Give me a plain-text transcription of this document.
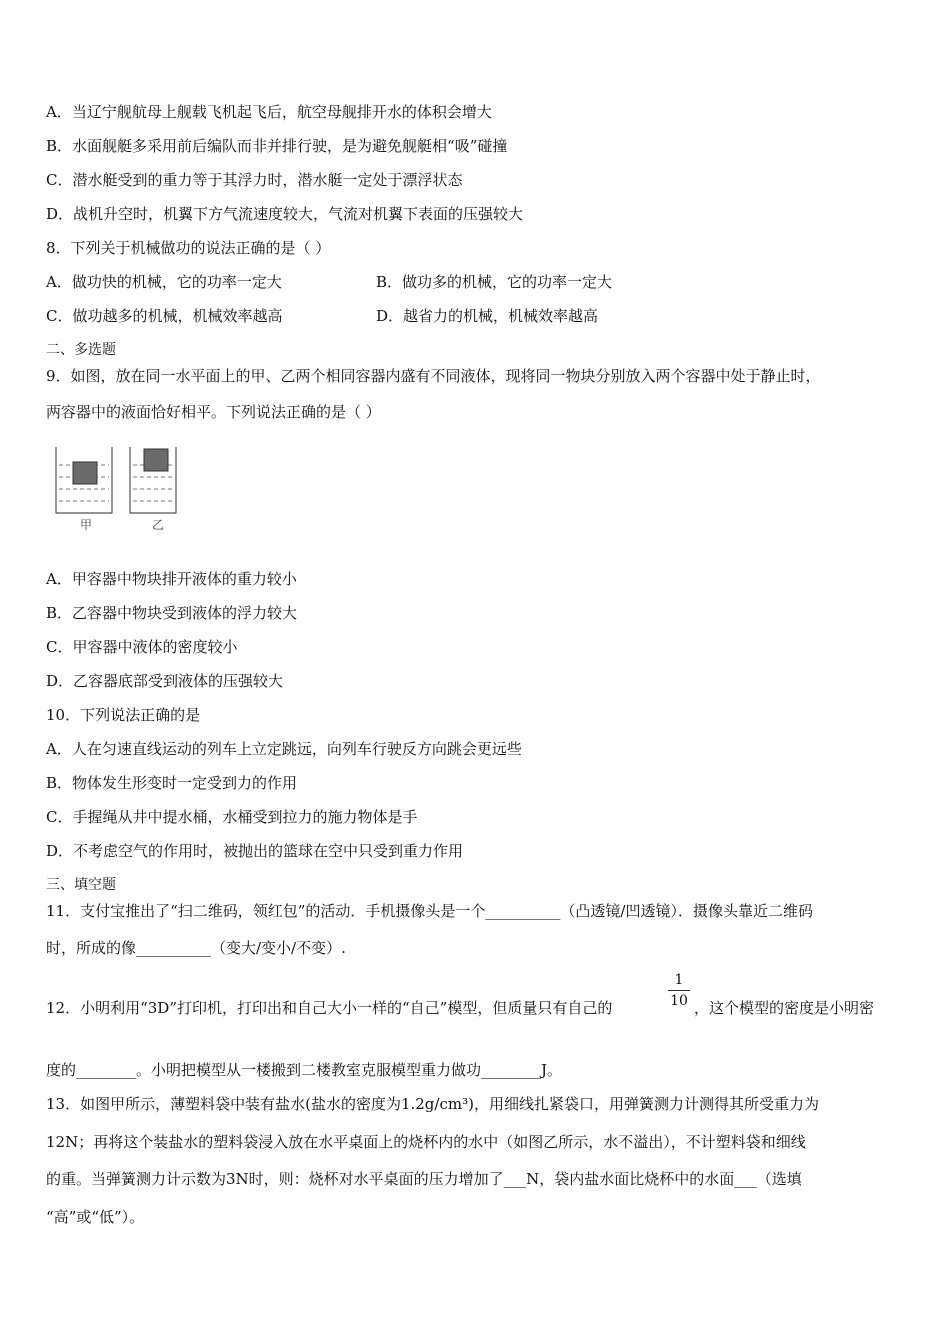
A．当辽宁舰航母上舰载飞机起飞后，航空母舰排开水的体积会增大
B．水面舰艇多采用前后编队而非并排行驶，是为避免舰艇相“吸”碰撞
C．潜水艇受到的重力等于其浮力时，潜水艇一定处于漂浮状态
D．战机升空时，机翼下方气流速度较大，气流对机翼下表面的压强较大
8．下列关于机械做功的说法正确的是（ ）
A．做功快的机械，它的功率一定大	B．做功多的机械，它的功率一定大
C．做功越多的机械，机械效率越高	D．越省力的机械，机械效率越高
二、多选题
9．如图，放在同一水平面上的甲、乙两个相同容器内盛有不同液体，现将同一物块分别放入两个容器中处于静止时，
两容器中的液面恰好相平。下列说法正确的是（ ）
甲	乙
A．甲容器中物块排开液体的重力较小
B．乙容器中物块受到液体的浮力较大
C．甲容器中液体的密度较小
D．乙容器底部受到液体的压强较大
10．下列说法正确的是
A．人在匀速直线运动的列车上立定跳远，向列车行驶反方向跳会更远些
B．物体发生形变时一定受到力的作用
C．手握绳从井中提水桶，水桶受到拉力的施力物体是手
D．不考虑空气的作用时，被抛出的篮球在空中只受到重力作用
三、填空题
11．支付宝推出了“扫二维码，领红包”的活动．手机摄像头是一个__________（凸透镜/凹透镜）．摄像头靠近二维码
时，所成的像__________（变大/变小/不变）.
12．小明利用“3D”打印机，打印出和自己大小一样的“自己”模型，但质量只有自己的
1
10 ，这个模型的密度是小明密
度的________。小明把模型从一楼搬到二楼教室克服模型重力做功________J。
13．如图甲所示，薄塑料袋中装有盐水(盐水的密度为1.2g/cm³)，用细线扎紧袋口，用弹簧测力计测得其所受重力为
12N；再将这个装盐水的塑料袋浸入放在水平桌面上的烧杯内的水中（如图乙所示，水不溢出），不计塑料袋和细线
的重。当弹簧测力计示数为3N时，则：烧杯对水平桌面的压力增加了___N，袋内盐水面比烧杯中的水面___（选填
“高”或“低”）。
